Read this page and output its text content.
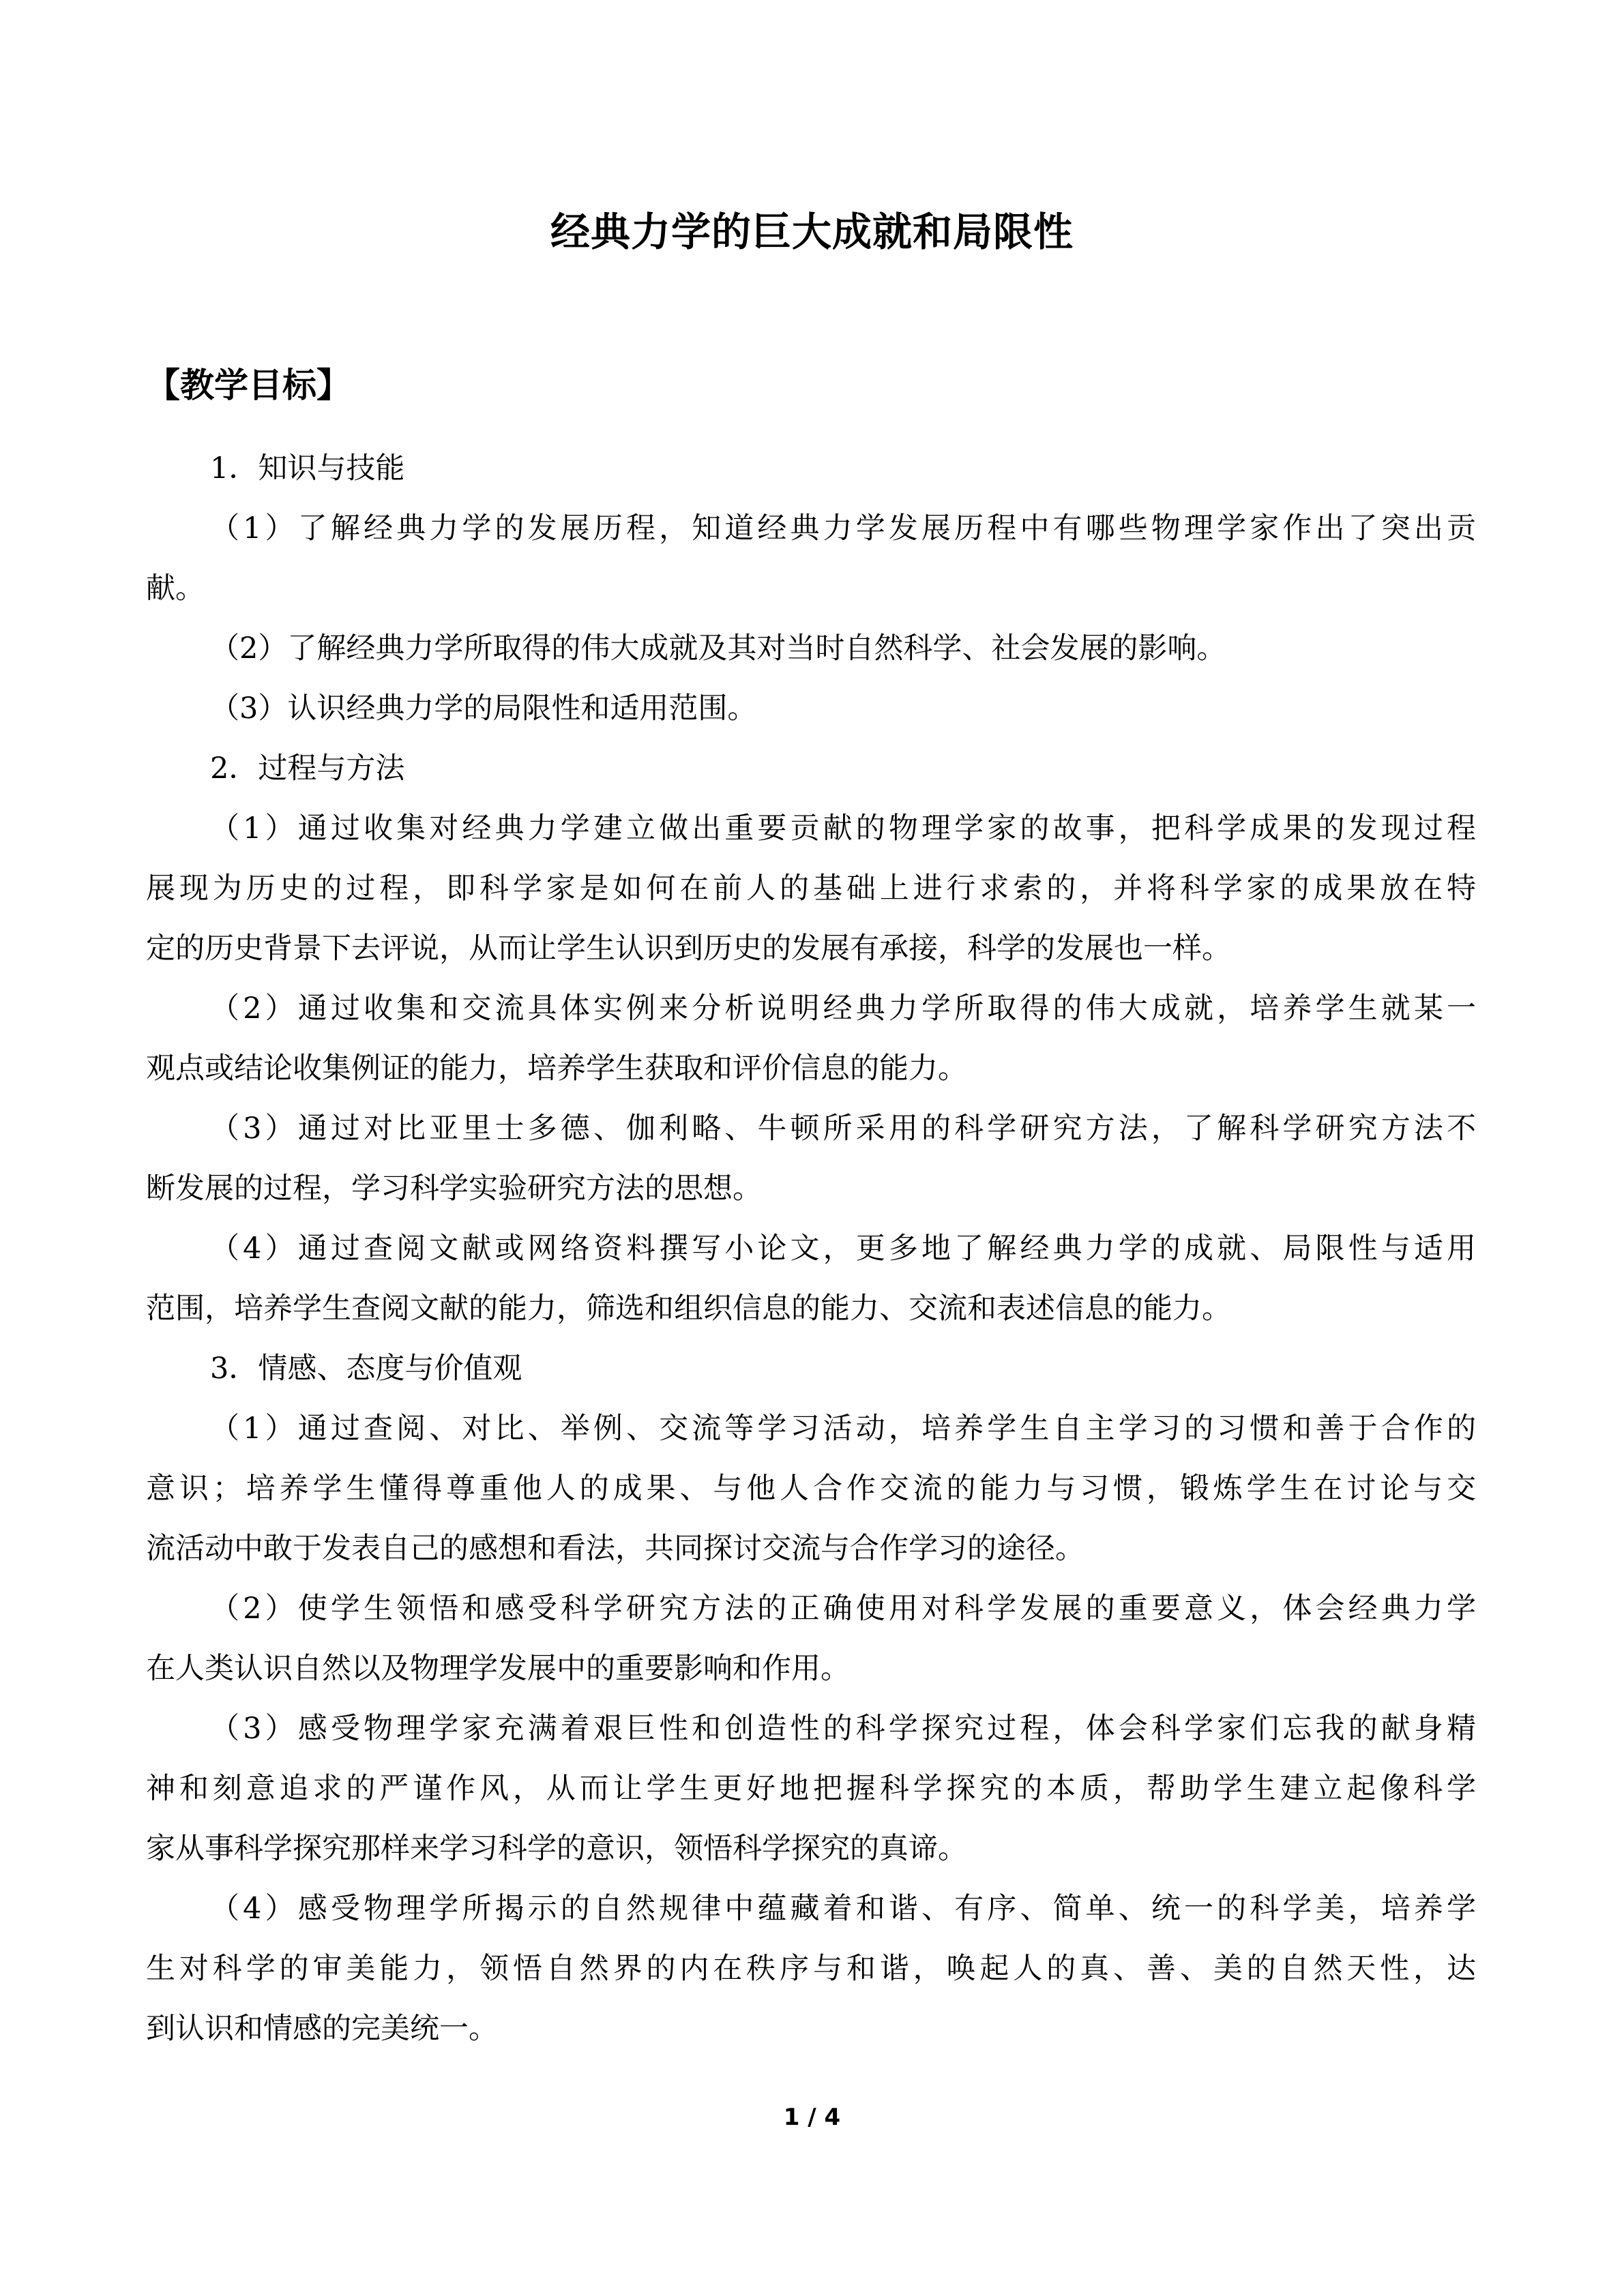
经典力学的巨大成就和局限性
【教学目标】
1．知识与技能
（1）了解经典力学的发展历程，知道经典力学发展历程中有哪些物理学家作出了突出贡
献。
（2）了解经典力学所取得的伟大成就及其对当时自然科学、社会发展的影响。
（3）认识经典力学的局限性和适用范围。
2．过程与方法
（1）通过收集对经典力学建立做出重要贡献的物理学家的故事，把科学成果的发现过程
展现为历史的过程，即科学家是如何在前人的基础上进行求索的，并将科学家的成果放在特
定的历史背景下去评说，从而让学生认识到历史的发展有承接，科学的发展也一样。
（2）通过收集和交流具体实例来分析说明经典力学所取得的伟大成就，培养学生就某一
观点或结论收集例证的能力，培养学生获取和评价信息的能力。
（3）通过对比亚里士多德、伽利略、牛顿所采用的科学研究方法，了解科学研究方法不
断发展的过程，学习科学实验研究方法的思想。
（4）通过查阅文献或网络资料撰写小论文，更多地了解经典力学的成就、局限性与适用
范围，培养学生查阅文献的能力，筛选和组织信息的能力、交流和表述信息的能力。
3．情感、态度与价值观
（1）通过查阅、对比、举例、交流等学习活动，培养学生自主学习的习惯和善于合作的
意识；培养学生懂得尊重他人的成果、与他人合作交流的能力与习惯，锻炼学生在讨论与交
流活动中敢于发表自己的感想和看法，共同探讨交流与合作学习的途径。
（2）使学生领悟和感受科学研究方法的正确使用对科学发展的重要意义，体会经典力学
在人类认识自然以及物理学发展中的重要影响和作用。
（3）感受物理学家充满着艰巨性和创造性的科学探究过程，体会科学家们忘我的献身精
神和刻意追求的严谨作风，从而让学生更好地把握科学探究的本质，帮助学生建立起像科学
家从事科学探究那样来学习科学的意识，领悟科学探究的真谛。
（4）感受物理学所揭示的自然规律中蕴藏着和谐、有序、简单、统一的科学美，培养学
生对科学的审美能力，领悟自然界的内在秩序与和谐，唤起人的真、善、美的自然天性，达
到认识和情感的完美统一。
1 / 4
